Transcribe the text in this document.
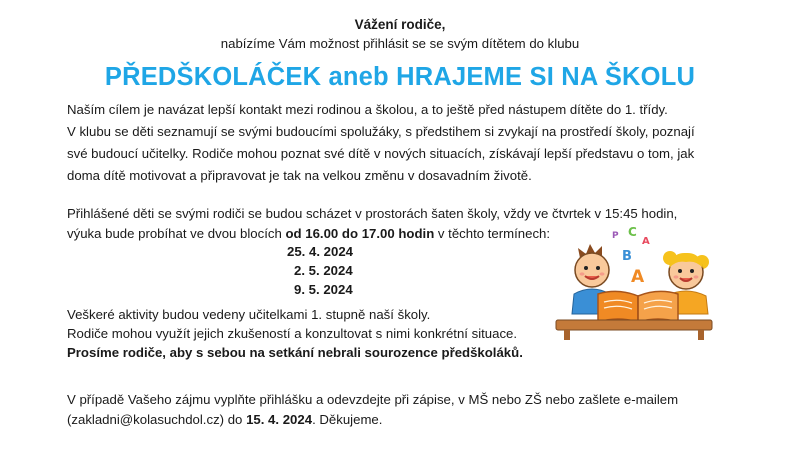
Vážení rodiče,
nabízíme Vám možnost přihlásit se se svým dítětem do klubu
PŘEDŠKOLÁČEK aneb HRAJEME SI NA ŠKOLU
Naším cílem je navázat lepší kontakt mezi rodinou a školou, a to ještě před nástupem dítěte do 1. třídy.
V klubu se děti seznamují se svými budoucími spolužáky, s předstihem si zvykají na prostředí školy, poznají
své budoucí učitelky. Rodiče mohou poznat své dítě v nových situacích, získávají lepší představu o tom, jak
doma dítě motivovat a připravovat je tak na velkou změnu v dosavadním životě.
Přihlášené děti se svými rodiči se budou scházet v prostorách šaten školy, vždy ve čtvrtek v 15:45 hodin,
výuka bude probíhat ve dvou blocích od 16.00 do 17.00 hodin v těchto termínech:
25. 4. 2024
2. 5. 2024
9. 5. 2024
Veškeré aktivity budou vedeny učitelkami 1. stupně naší školy.
Rodiče mohou využít jejich zkušeností a konzultovat s nimi konkrétní situace.
Prosíme rodiče, aby s sebou na setkání nebrali sourozence předškoláků.
V případě Vašeho zájmu vyplňte přihlášku a odevzdejte při zápise, v MŠ nebo ZŠ nebo zašlete e-mailem
(zakladni@kolasuchdol.cz) do 15. 4. 2024. Děkujeme.
C
A
B
A
P
